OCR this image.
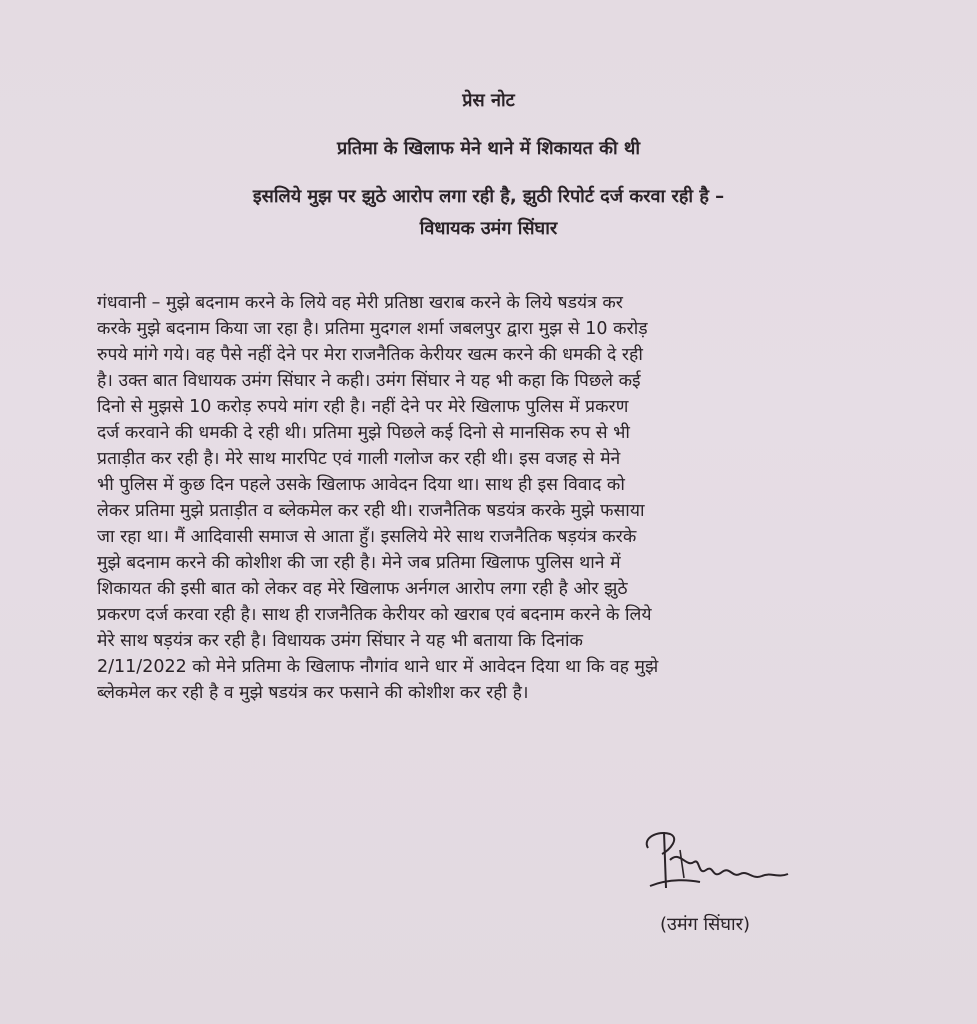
प्रेस नोट

प्रतिमा के खिलाफ मेने थाने में शिकायत की थी

इसलिये मुझ पर झुठे आरोप लगा रही है, झुठी रिपोर्ट दर्ज करवा रही है –

विधायक उमंग सिंघार

गंधवानी – मुझे बदनाम करने के लिये वह मेरी प्रतिष्ठा खराब करने के लिये षडयंत्र कर
करके मुझे बदनाम किया जा रहा है। प्रतिमा मुदगल शर्मा जबलपुर द्वारा मुझ से 10 करोड़
रुपये मांगे गये। वह पैसे नहीं देने पर मेरा राजनैतिक केरीयर खत्म करने की धमकी दे रही
है। उक्त बात विधायक उमंग सिंघार ने कही। उमंग सिंघार ने यह भी कहा कि पिछले कई
दिनो से मुझसे 10 करोड़ रुपये मांग रही है। नहीं देने पर मेरे खिलाफ पुलिस में प्रकरण
दर्ज करवाने की धमकी दे रही थी। प्रतिमा मुझे पिछले कई दिनो से मानसिक रुप से भी
प्रताड़ीत कर रही है। मेरे साथ मारपिट एवं गाली गलोज कर रही थी। इस वजह से मेने
भी पुलिस में कुछ दिन पहले उसके खिलाफ आवेदन दिया था। साथ ही इस विवाद को
लेकर प्रतिमा मुझे प्रताड़ीत व ब्लेकमेल कर रही थी। राजनैतिक षडयंत्र करके मुझे फसाया
जा रहा था। मैं आदिवासी समाज से आता हुँ। इसलिये मेरे साथ राजनैतिक षड़यंत्र करके
मुझे बदनाम करने की कोशीश की जा रही है। मेने जब प्रतिमा खिलाफ पुलिस थाने में
शिकायत की इसी बात को लेकर वह मेरे खिलाफ अर्नगल आरोप लगा रही है ओर झुठे
प्रकरण दर्ज करवा रही है। साथ ही राजनैतिक केरीयर को खराब एवं बदनाम करने के लिये
मेरे साथ षड़यंत्र कर रही है। विधायक उमंग सिंघार ने यह भी बताया कि दिनांक
2/11/2022 को मेने प्रतिमा के खिलाफ नौगांव थाने धार में आवेदन दिया था कि वह मुझे
ब्लेकमेल कर रही है व मुझे षडयंत्र कर फसाने की कोशीश कर रही है।

(उमंग सिंघार)
